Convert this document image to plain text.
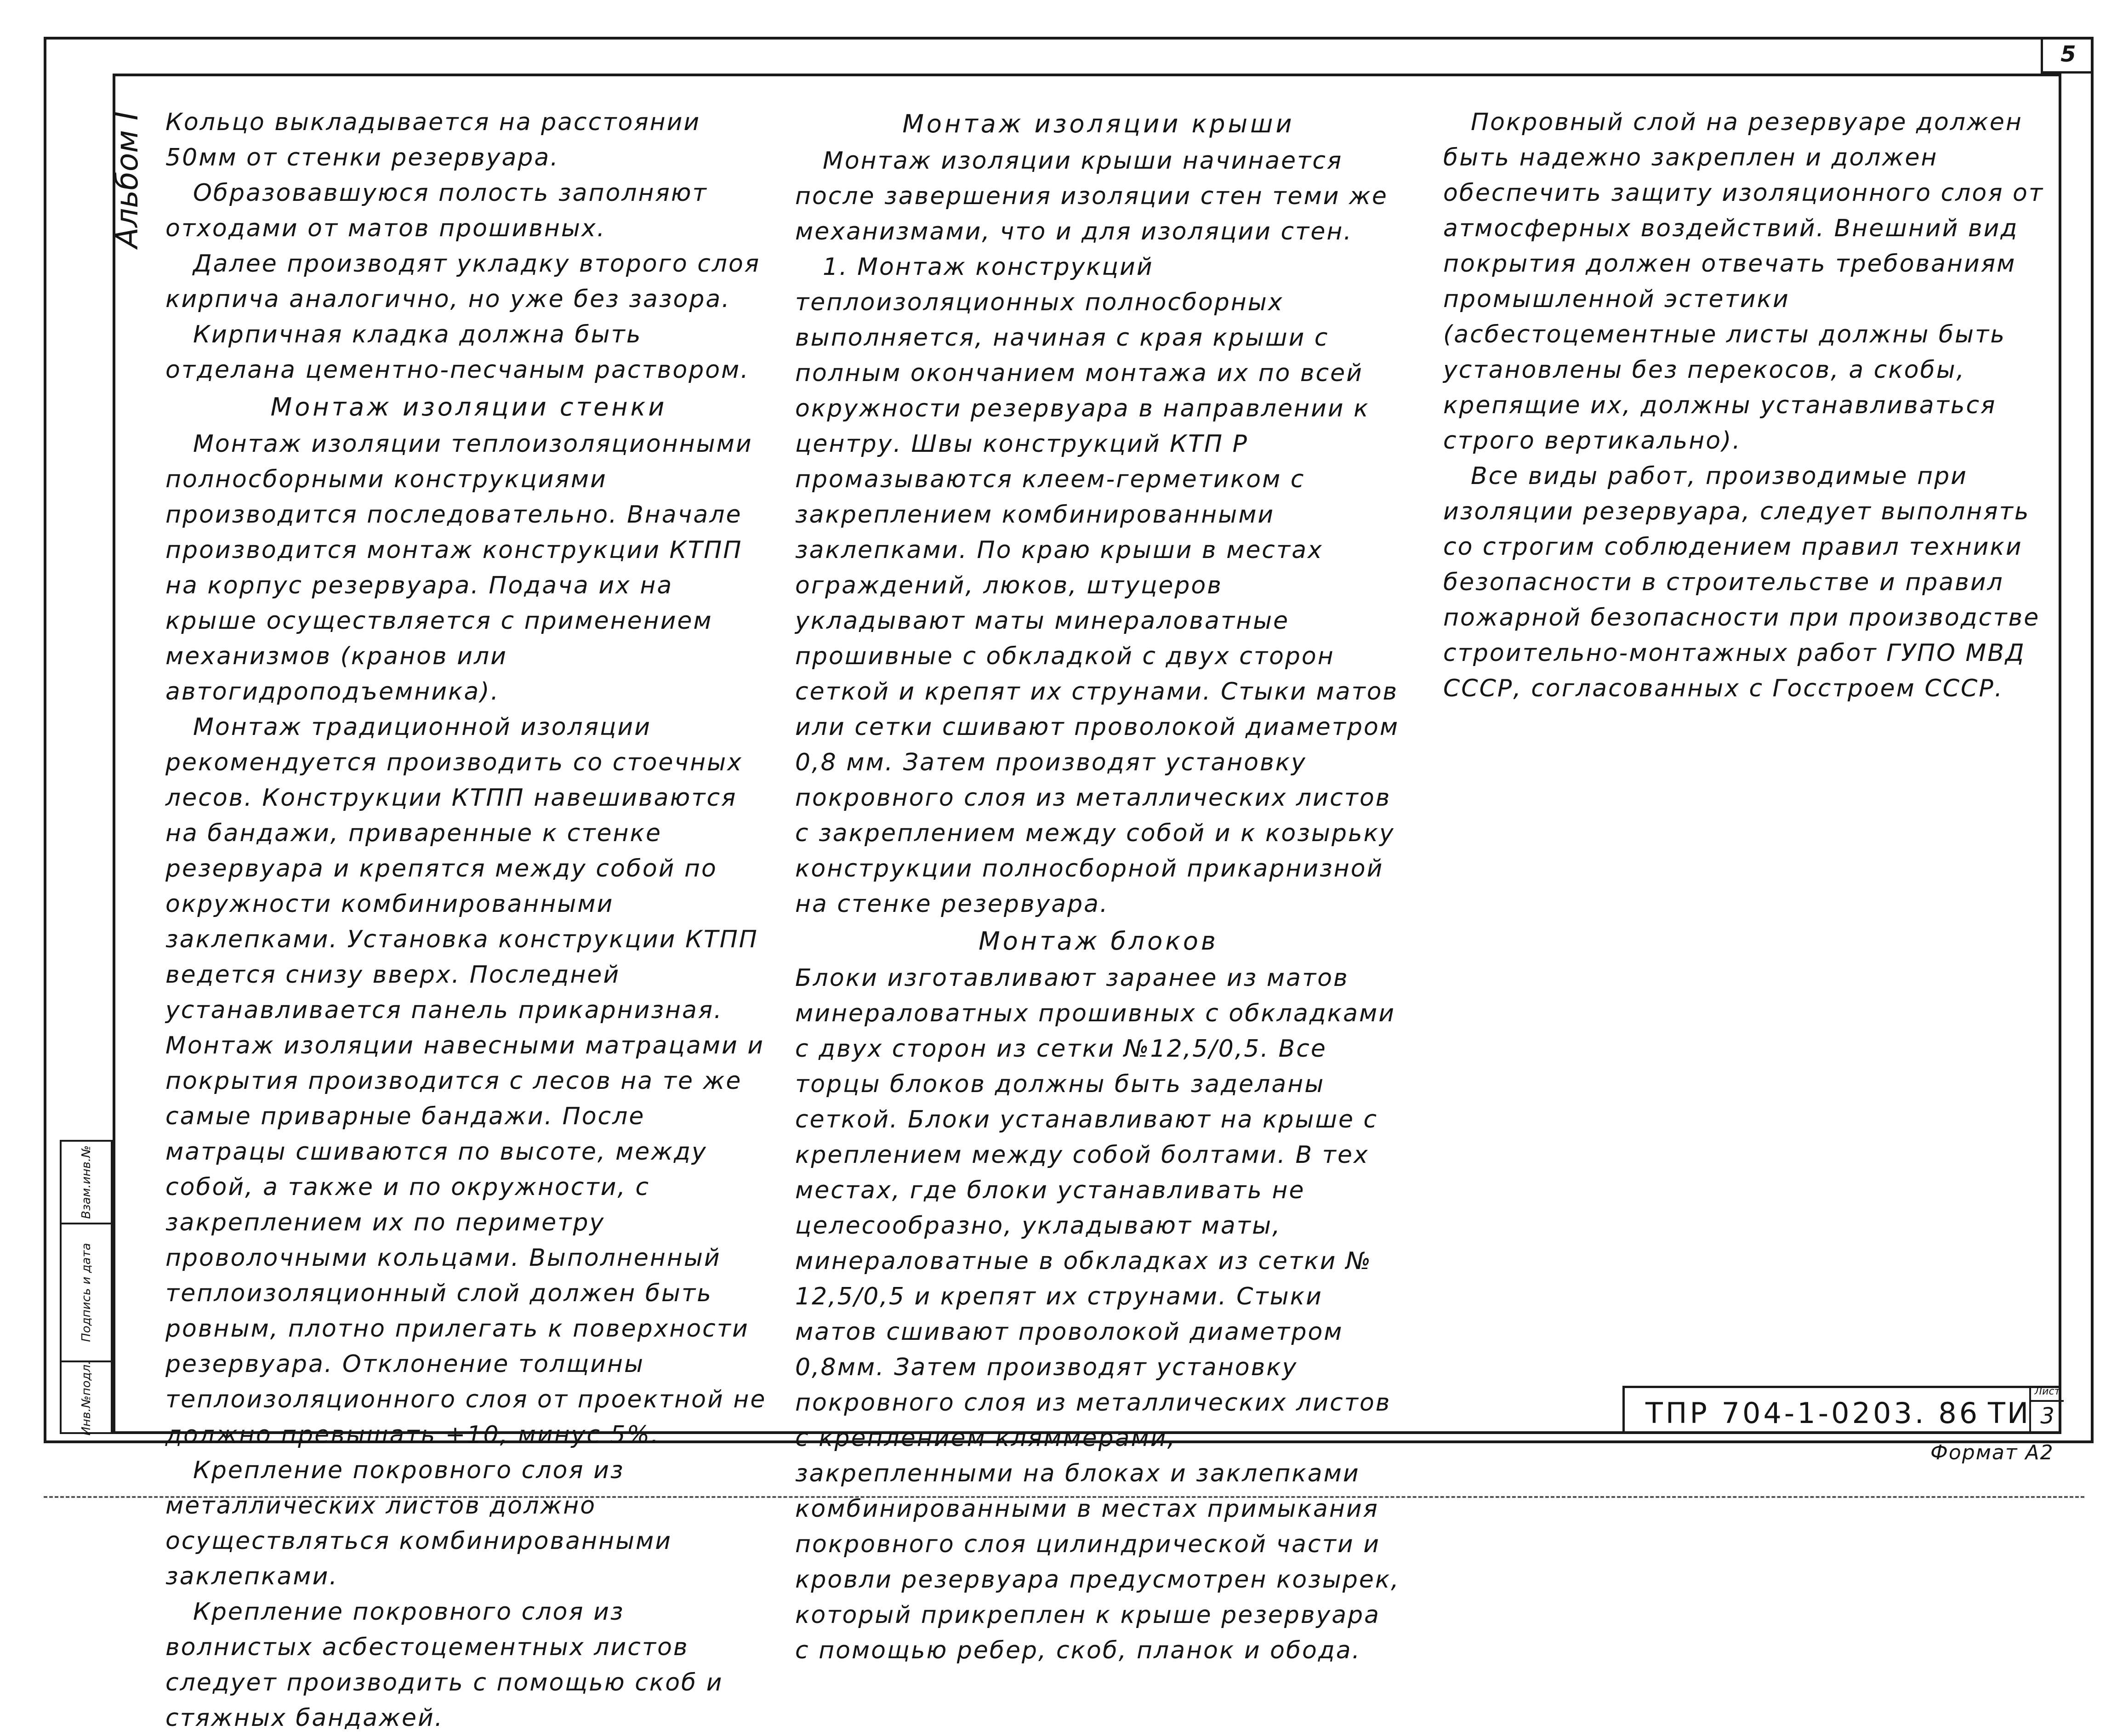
5
Альбом I
Взам.инв.№
Подпись и дата
Инв.№подл.

Кольцо выкладывается на расстоянии 50мм от стенки резервуара.

Образовавшуюся полость заполняют отходами от матов прошивных.

Далее производят укладку второго слоя кирпича аналогично, но уже без зазора.

Кирпичная кладка должна быть отделана цементно-песчаным раствором.

Монтаж изоляции стенки

Монтаж изоляции теплоизоляционными полносборными конструкциями производится последовательно. Вначале производится монтаж конструкции КТПП на корпус резервуара. Подача их на крыше осуществляется с применением механизмов (кранов или автогидроподъемника).

Монтаж традиционной изоляции рекомендуется производить со стоечных лесов. Конструкции КТПП навешиваются на бандажи, приваренные к стенке резервуара и крепятся между собой по окружности комбинированными заклепками. Установка конструкции КТПП ведется снизу вверх. Последней устанавливается панель прикарнизная.

Монтаж изоляции навесными матрацами и покрытия производится с лесов на те же самые приварные бандажи. После матрацы сшиваются по высоте, между собой, а также и по окружности, с закреплением их по периметру проволочными кольцами. Выполненный теплоизоляционный слой должен быть ровным, плотно прилегать к поверхности резервуара. Отклонение толщины теплоизоляционного слоя от проектной не должно превышать +10, минус 5%.

Крепление покровного слоя из металлических листов должно осуществляться комбинированными заклепками.

Крепление покровного слоя из волнистых асбестоцементных листов следует производить с помощью скоб и стяжных бандажей.

Монтаж изоляции крыши

Монтаж изоляции крыши начинается после завершения изоляции стен теми же механизмами, что и для изоляции стен.

1. Монтаж конструкций теплоизоляционных полносборных выполняется, начиная с края крыши с полным окончанием монтажа их по всей окружности резервуара в направлении к центру. Швы конструкций КТП Р промазываются клеем-герметиком с закреплением комбинированными заклепками. По краю крыши в местах ограждений, люков, штуцеров укладывают маты минераловатные прошивные с обкладкой с двух сторон сеткой и крепят их струнами. Стыки матов или сетки сшивают проволокой диаметром 0,8 мм. Затем производят установку покровного слоя из металлических листов с закреплением между собой и к козырьку конструкции полносборной прикарнизной на стенке резервуара.

Монтаж блоков

Блоки изготавливают заранее из матов минераловатных прошивных с обкладками с двух сторон из сетки №12,5/0,5. Все торцы блоков должны быть заделаны сеткой. Блоки устанавливают на крыше с креплением между собой болтами. В тех местах, где блоки устанавливать не целесообразно, укладывают маты, минераловатные в обкладках из сетки № 12,5/0,5 и крепят их струнами. Стыки матов сшивают проволокой диаметром 0,8мм. Затем производят установку покровного слоя из металлических листов с креплением кляммерами, закрепленными на блоках и заклепками комбинированными в местах примыкания покровного слоя цилиндрической части и кровли резервуара предусмотрен козырек, который прикреплен к крыше резервуара с помощью ребер, скоб, планок и обода.

Покровный слой на резервуаре должен быть надежно закреплен и должен обеспечить защиту изоляционного слоя от атмосферных воздействий. Внешний вид покрытия должен отвечать требованиям промышленной эстетики (асбестоцементные листы должны быть установлены без перекосов, а скобы, крепящие их, должны устанавливаться строго вертикально).

Все виды работ, производимые при изоляции резервуара, следует выполнять со строгим соблюдением правил техники безопасности в строительстве и правил пожарной безопасности при производстве строительно-монтажных работ ГУПО МВД СССР, согласованных с Госстроем СССР.

ТПР 704-1-0203. 86 ТИ
Лист
3
Формат А2
